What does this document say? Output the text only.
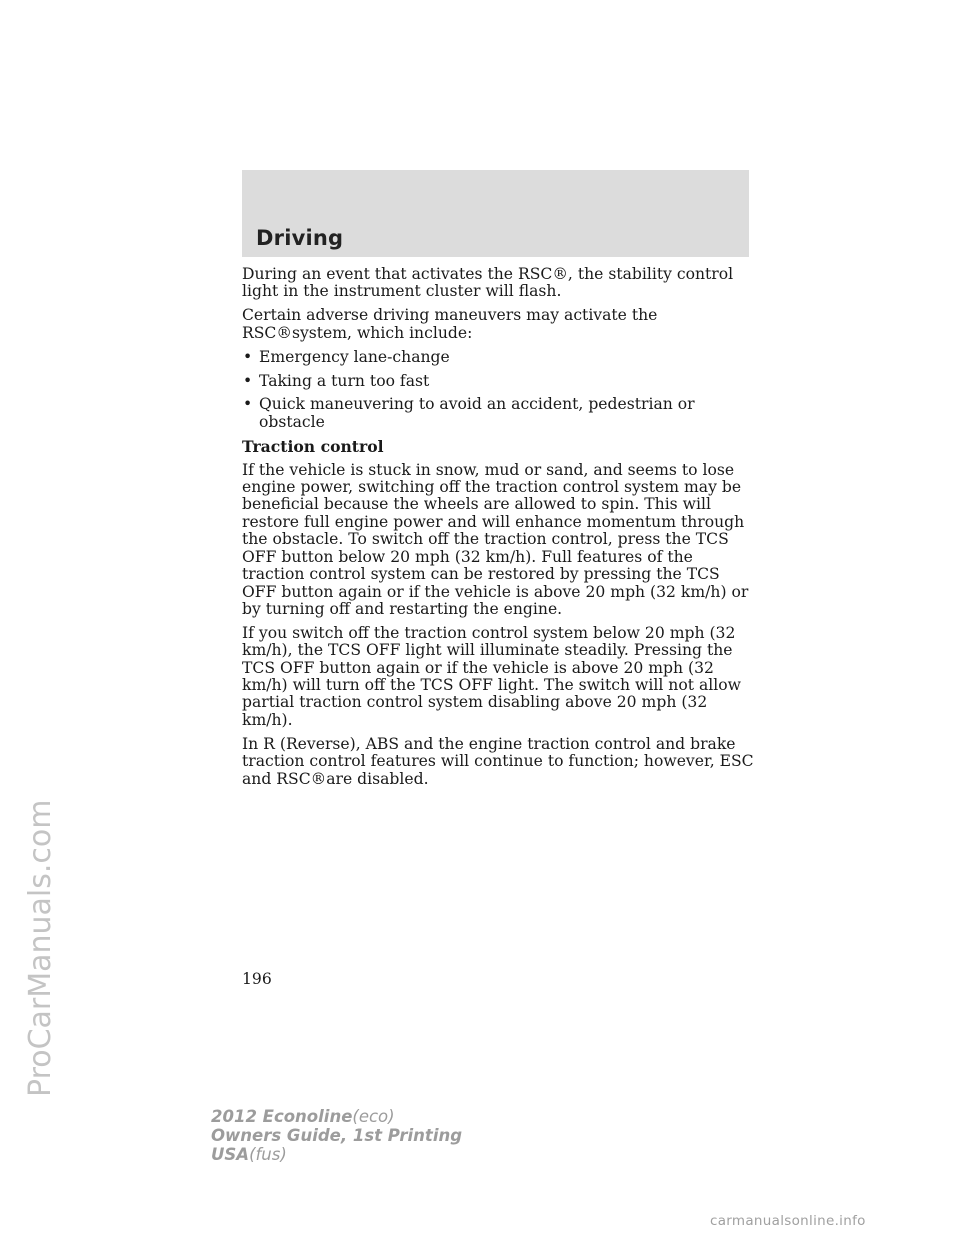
ProCarManuals.com
Driving

During an event that activates the RSC®, the stability control light in the instrument cluster will flash.

Certain adverse driving maneuvers may activate the RSC®system, which include:

• Emergency lane-change

• Taking a turn too fast

• Quick maneuvering to avoid an accident, pedestrian or obstacle

Traction control

If the vehicle is stuck in snow, mud or sand, and seems to lose engine power, switching off the traction control system may be beneficial because the wheels are allowed to spin. This will restore full engine power and will enhance momentum through the obstacle. To switch off the traction control, press the TCS OFF button below 20 mph (32 km/h). Full features of the traction control system can be restored by pressing the TCS OFF button again or if the vehicle is above 20 mph (32 km/h) or by turning off and restarting the engine.

If you switch off the traction control system below 20 mph (32 km/h), the TCS OFF light will illuminate steadily. Pressing the TCS OFF button again or if the vehicle is above 20 mph (32 km/h) will turn off the TCS OFF light. The switch will not allow partial traction control system disabling above 20 mph (32 km/h).

In R (Reverse), ABS and the engine traction control and brake traction control features will continue to function; however, ESC and RSC®are disabled.

196
2012 Econoline(eco)
Owners Guide, 1st Printing
USA(fus)
carmanualsonline.info
